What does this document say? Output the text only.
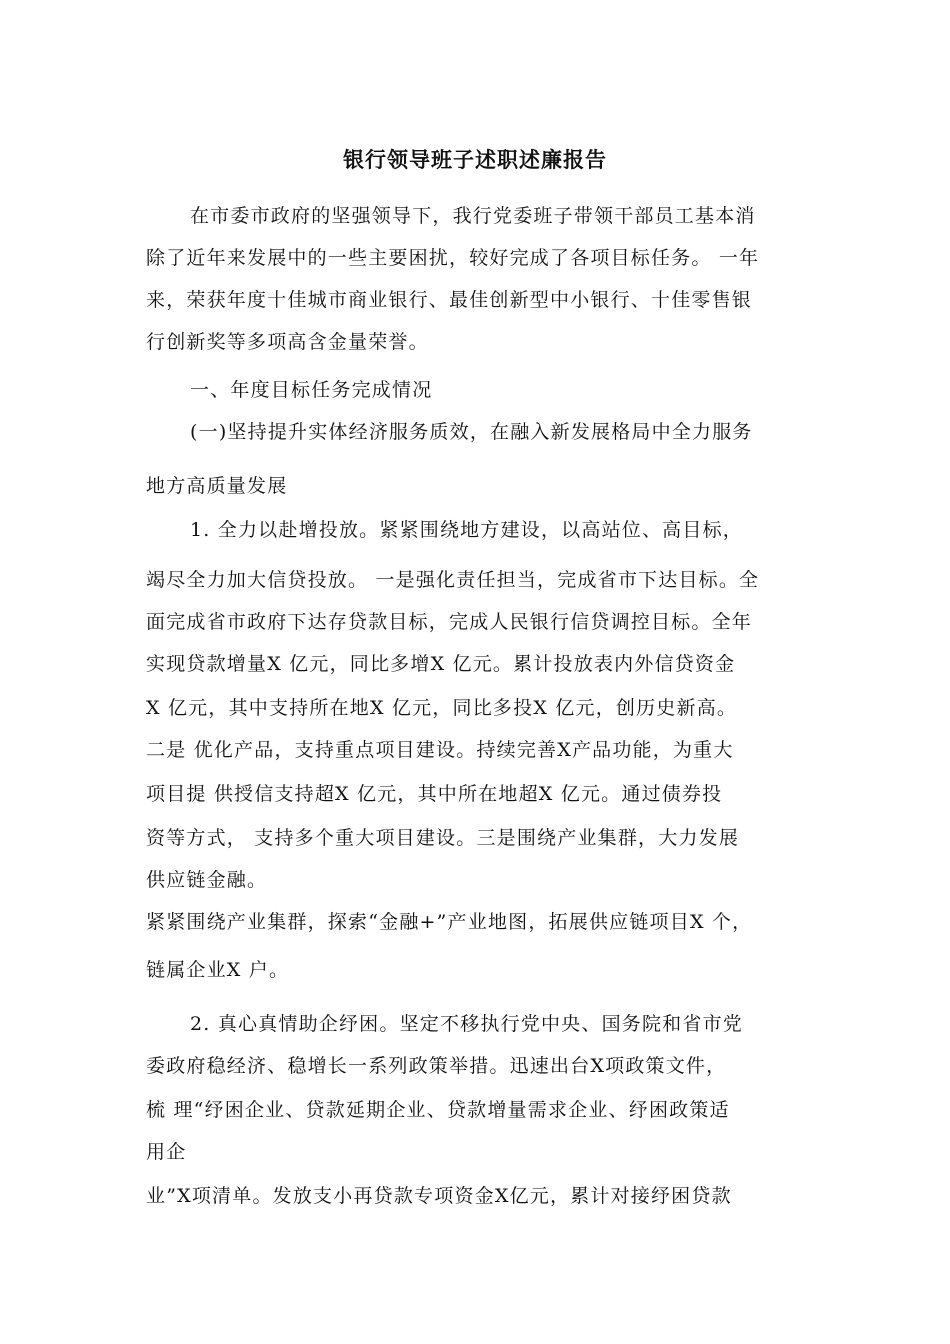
银行领导班子述职述廉报告
在市委市政府的坚强领导下，我行党委班子带领干部员工基本消
除了近年来发展中的一些主要困扰，较好完成了各项目标任务。 一年
来，荣获年度十佳城市商业银行、最佳创新型中小银行、十佳零售银
行创新奖等多项高含金量荣誉。
一、年度目标任务完成情况
(一)坚持提升实体经济服务质效，在融入新发展格局中全力服务
地方高质量发展
1. 全力以赴增投放。紧紧围绕地方建设，以高站位、高目标，
竭尽全力加大信贷投放。 一是强化责任担当，完成省市下达目标。全
面完成省市政府下达存贷款目标，完成人民银行信贷调控目标。全年
实现贷款增量X 亿元，同比多增X 亿元。累计投放表内外信贷资金
X 亿元，其中支持所在地X 亿元，同比多投X 亿元，创历史新高。
二是 优化产品，支持重点项目建设。持续完善X产品功能，为重大
项目提 供授信支持超X 亿元，其中所在地超X 亿元。通过债券投
资等方式， 支持多个重大项目建设。三是围绕产业集群，大力发展
供应链金融。
紧紧围绕产业集群，探索“金融+”产业地图，拓展供应链项目X 个，
链属企业X 户。
2. 真心真情助企纾困。坚定不移执行党中央、国务院和省市党
委政府稳经济、稳增长一系列政策举措。迅速出台X项政策文件，
梳 理“纾困企业、贷款延期企业、贷款增量需求企业、纾困政策适
用企
业”X项清单。发放支小再贷款专项资金X亿元，累计对接纾困贷款
